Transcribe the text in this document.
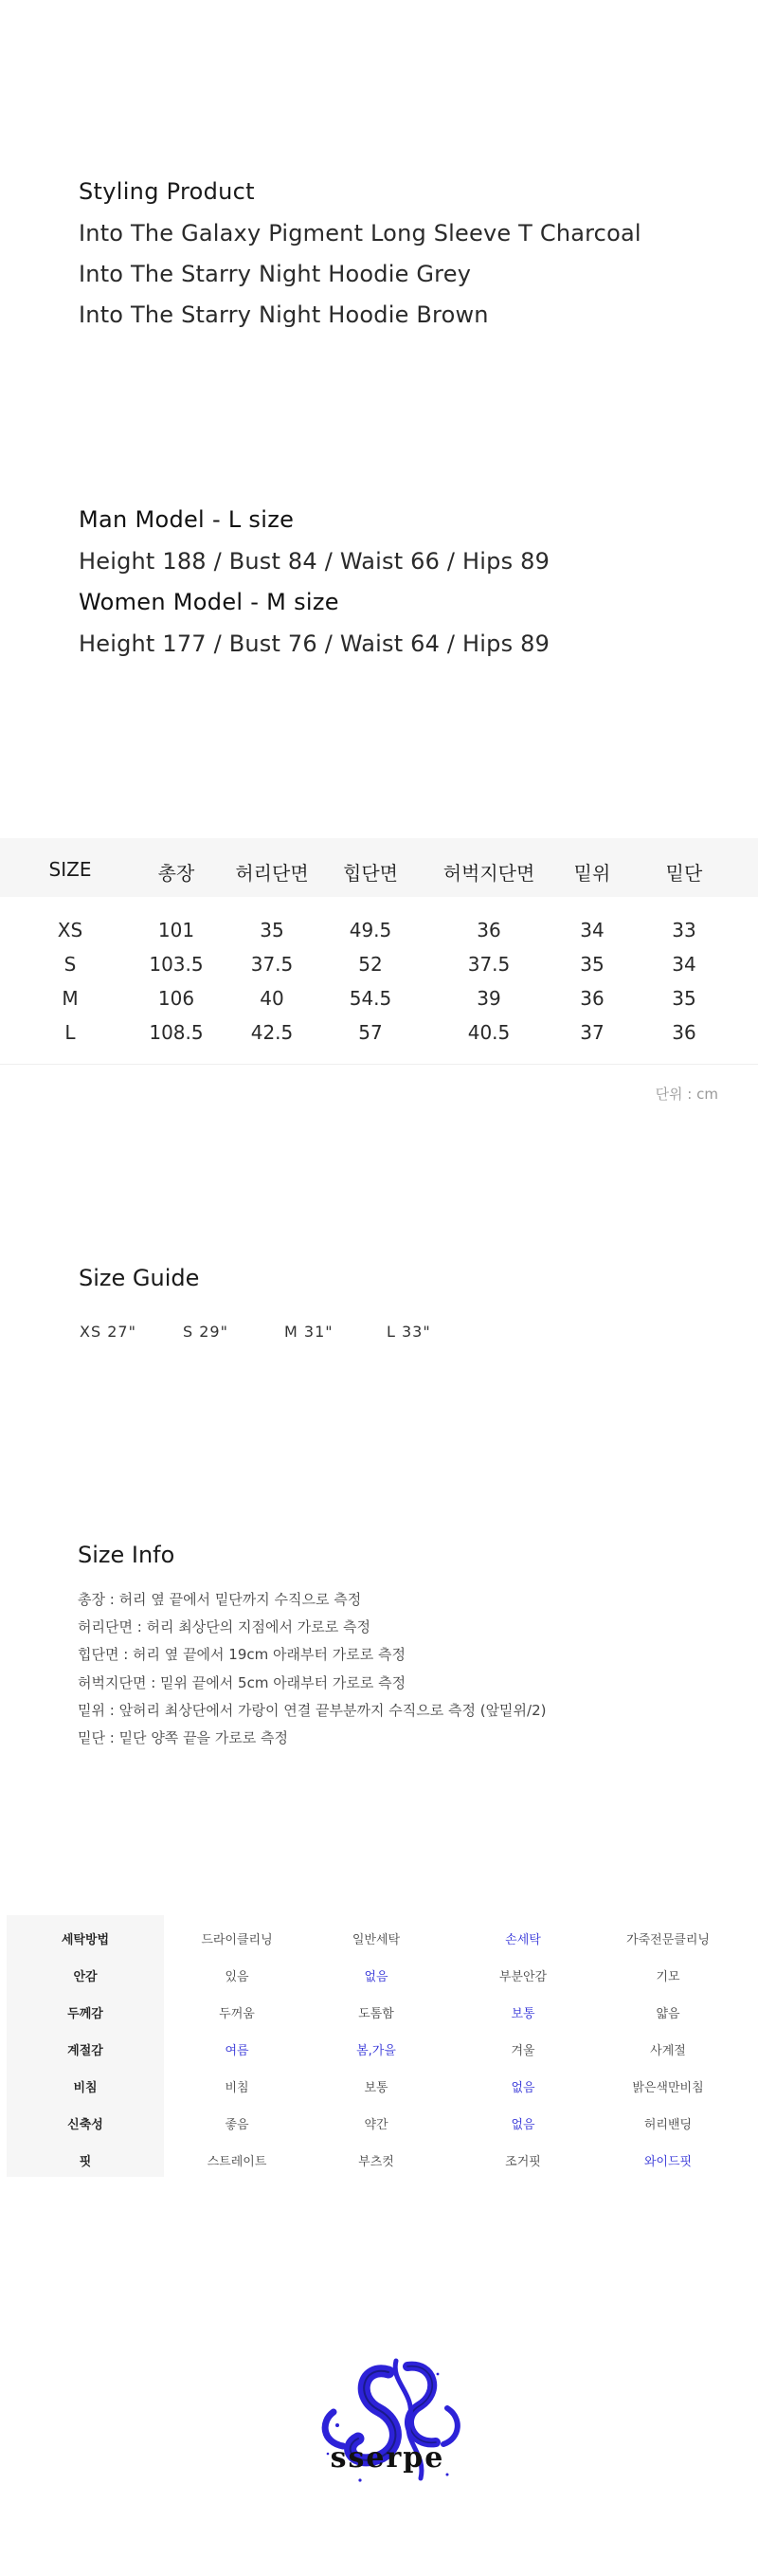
Styling Product
Into The Galaxy Pigment Long Sleeve T Charcoal
Into The Starry Night Hoodie Grey
Into The Starry Night Hoodie Brown
Man Model - L size
Height 188 / Bust 84 / Waist 66 / Hips 89
Women Model - M size
Height 177 / Bust 76 / Waist 64 / Hips 89
SIZE	총장	허리단면	힙단면	허벅지단면	밑위	밑단
XS	101	35	49.5	36	34	33
S	103.5	37.5	52	37.5	35	34
M	106	40	54.5	39	36	35
L	108.5	42.5	57	40.5	37	36
단위 : cm
Size Guide
XS 27"	S 29"	M 31"	L 33"
Size Info
총장 : 허리 옆 끝에서 밑단까지 수직으로 측정
허리단면 : 허리 최상단의 지점에서 가로로 측정
힙단면 : 허리 옆 끝에서 19cm 아래부터 가로로 측정
허벅지단면 : 밑위 끝에서 5cm 아래부터 가로로 측정
밑위 : 앞허리 최상단에서 가랑이 연결 끝부분까지 수직으로 측정 (앞밑위/2)
밑단 : 밑단 양쪽 끝을 가로로 측정
세탁방법	드라이클리닝	일반세탁	손세탁	가죽전문클리닝
안감	있음	없음	부분안감	기모
두께감	두꺼움	도톰함	보통	얇음
계절감	여름	봄,가을	겨울	사계절
비침	비침	보통	없음	밝은색만비침
신축성	좋음	약간	없음	허리밴딩
핏	스트레이트	부츠컷	조거핏	와이드핏
sserpe
